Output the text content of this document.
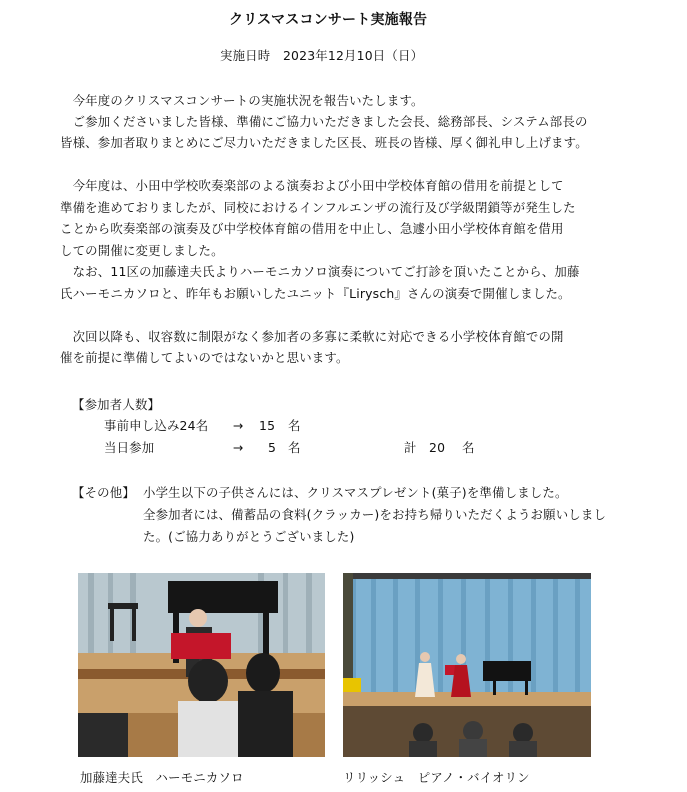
クリスマスコンサート実施報告
実施日時　2023年12月10日（日）
　今年度のクリスマスコンサートの実施状況を報告いたします。
　ご参加くださいました皆様、準備にご協力いただきました会長、総務部長、システム部長の
皆様、参加者取りまとめにご尽力いただきました区長、班長の皆様、厚く御礼申し上げます。
　今年度は、小田中学校吹奏楽部のよる演奏および小田中学校体育館の借用を前提として
準備を進めておりましたが、同校におけるインフルエンザの流行及び学級閉鎖等が発生した
ことから吹奏楽部の演奏及び中学校体育館の借用を中止し、急遽小田小学校体育館を借用
しての開催に変更しました。
　なお、11区の加藤達夫氏よりハーモニカソロ演奏についてご打診を頂いたことから、加藤
氏ハーモニカソロと、昨年もお願いしたユニット『Lirysch』さんの演奏で開催しました。
　次回以降も、収容数に制限がなく参加者の多寡に柔軟に対応できる小学校体育館での開
催を前提に準備してよいのではないかと思います。
【参加者人数】
事前申し込み24名 → 15 名
当日参加	→ 5 名	計 20 名
【その他】 小学生以下の子供さんには、クリスマスプレゼント(菓子)を準備しました。
全参加者には、備蓄品の食料(クラッカー)をお持ち帰りいただくようお願いしまし
た。(ご協力ありがとうございました)
加藤達夫氏　ハーモニカソロ	リリッシュ　ピアノ・バイオリン
